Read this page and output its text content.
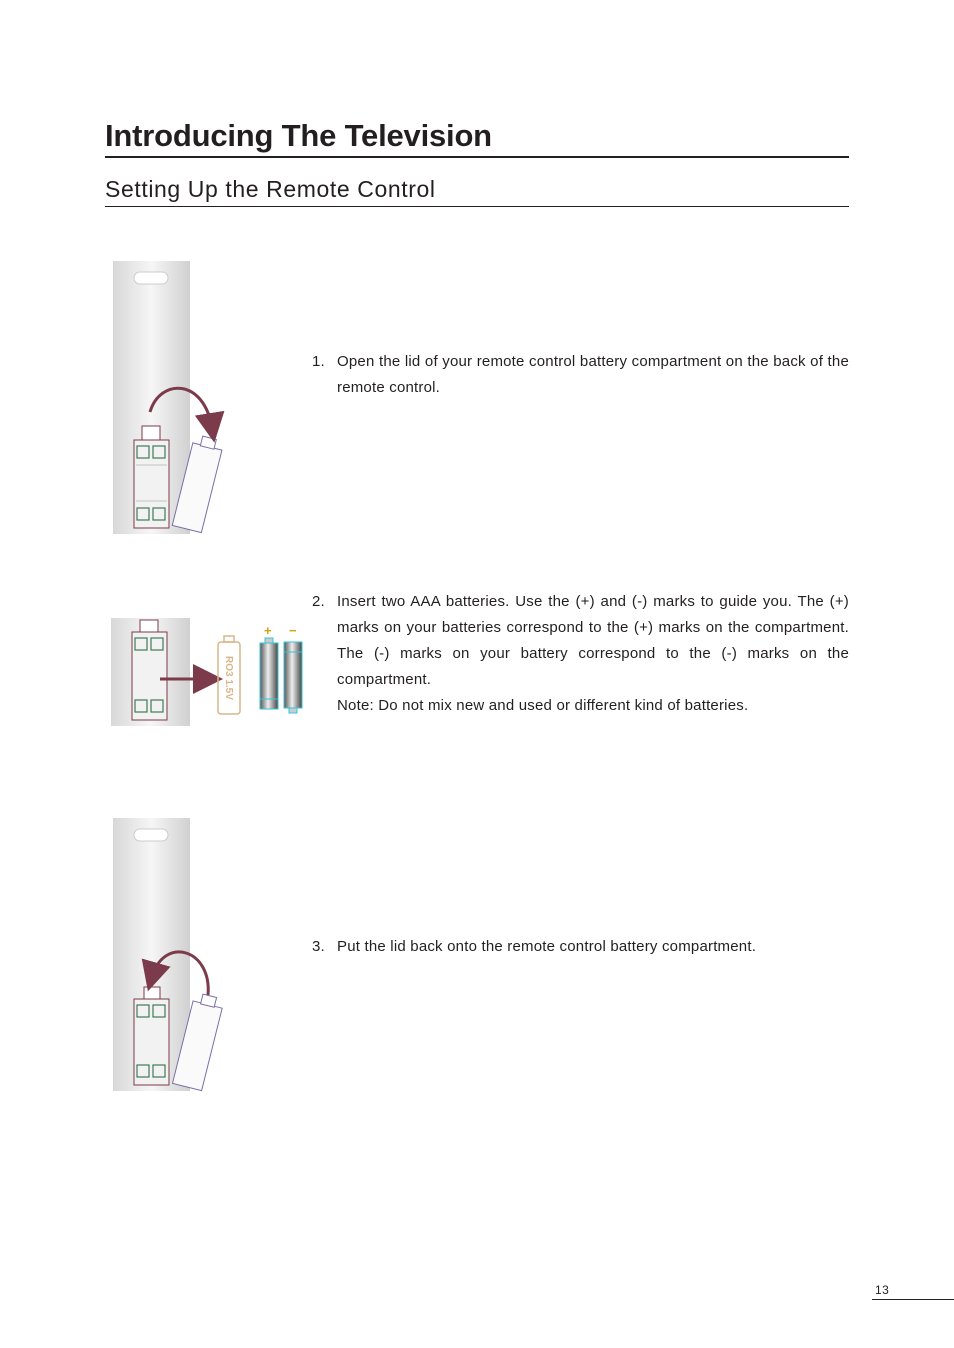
Introducing The Television
Setting Up the Remote Control
1. Open the lid of your remote control battery compartment on the back of the remote control.

RO3 1.5V
+ −
2. Insert two AAA batteries. Use the (+) and (-) marks to guide you. The (+) marks on your batteries correspond to the (+) marks on the compartment. The (-) marks on your battery correspond to the (-) marks on the compartment.

Note: Do not mix new and used or different kind of batteries.

3. Put the lid back onto the remote control battery compartment.

13
